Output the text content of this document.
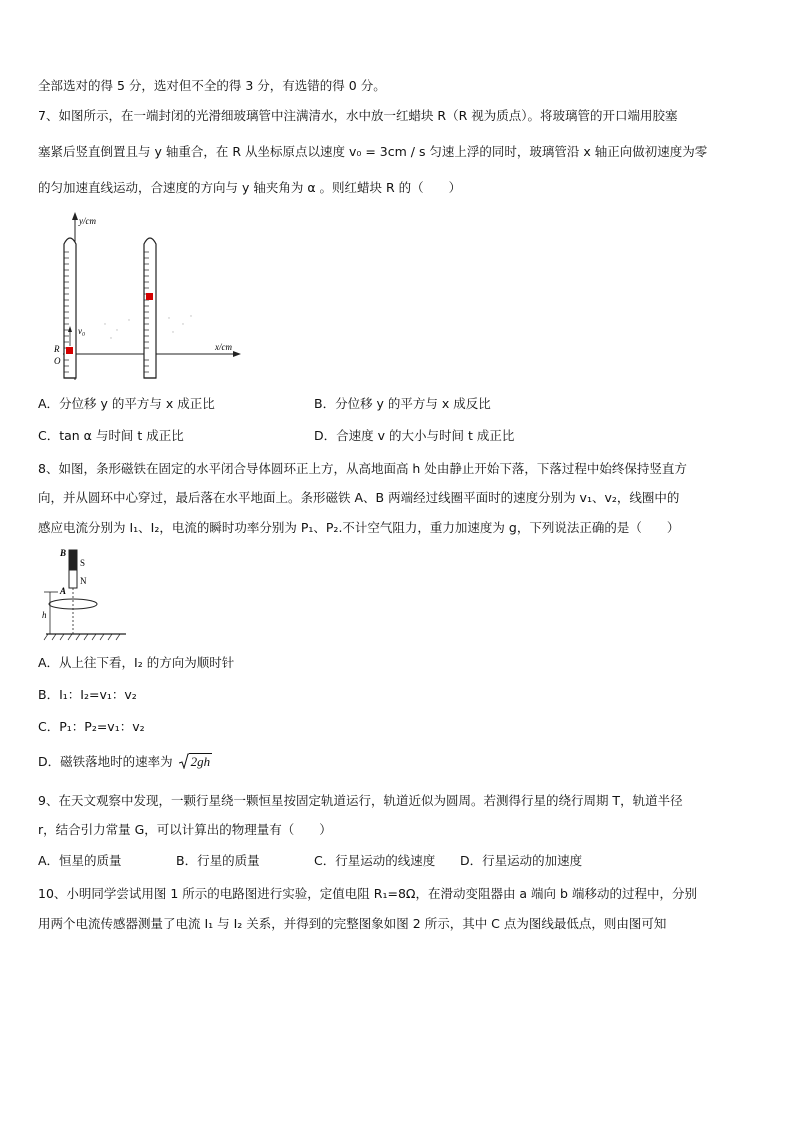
全部选对的得 5 分，选对但不全的得 3 分，有选错的得 0 分。
7、如图所示，在一端封闭的光滑细玻璃管中注满清水，水中放一红蜡块 R（R 视为质点）。将玻璃管的开口端用胶塞
塞紧后竖直倒置且与 y 轴重合，在 R 从坐标原点以速度 v₀ = 3cm / s 匀速上浮的同时，玻璃管沿 x 轴正向做初速度为零
的匀加速直线运动，合速度的方向与 y 轴夹角为 α 。则红蜡块 R 的（　　）
y/cm
x/cm
v₀
R
O
A．分位移 y 的平方与 x 成正比	B．分位移 y 的平方与 x 成反比
C．tan α 与时间 t 成正比	D．合速度 v 的大小与时间 t 成正比
8、如图，条形磁铁在固定的水平闭合导体圆环正上方，从高地面高 h 处由静止开始下落，下落过程中始终保持竖直方
向，并从圆环中心穿过，最后落在水平地面上。条形磁铁 A、B 两端经过线圈平面时的速度分别为 v₁、v₂，线圈中的
感应电流分别为 I₁、I₂，电流的瞬时功率分别为 P₁、P₂.不计空气阻力，重力加速度为 g，下列说法正确的是（　　）
B
S
N
A
h
A．从上往下看，I₂ 的方向为顺时针
B．I₁：I₂=v₁：v₂
C．P₁：P₂=v₁：v₂
D．磁铁落地时的速率为 2gh
9、在天文观察中发现，一颗行星绕一颗恒星按固定轨道运行，轨道近似为圆周。若测得行星的绕行周期 T，轨道半径
r，结合引力常量 G，可以计算出的物理量有（　　）
A．恒星的质量	B．行星的质量	C．行星运动的线速度 D．行星运动的加速度
10、小明同学尝试用图 1 所示的电路图进行实验，定值电阻 R₁=8Ω，在滑动变阻器由 a 端向 b 端移动的过程中，分别
用两个电流传感器测量了电流 I₁ 与 I₂ 关系，并得到的完整图象如图 2 所示，其中 C 点为图线最低点，则由图可知
